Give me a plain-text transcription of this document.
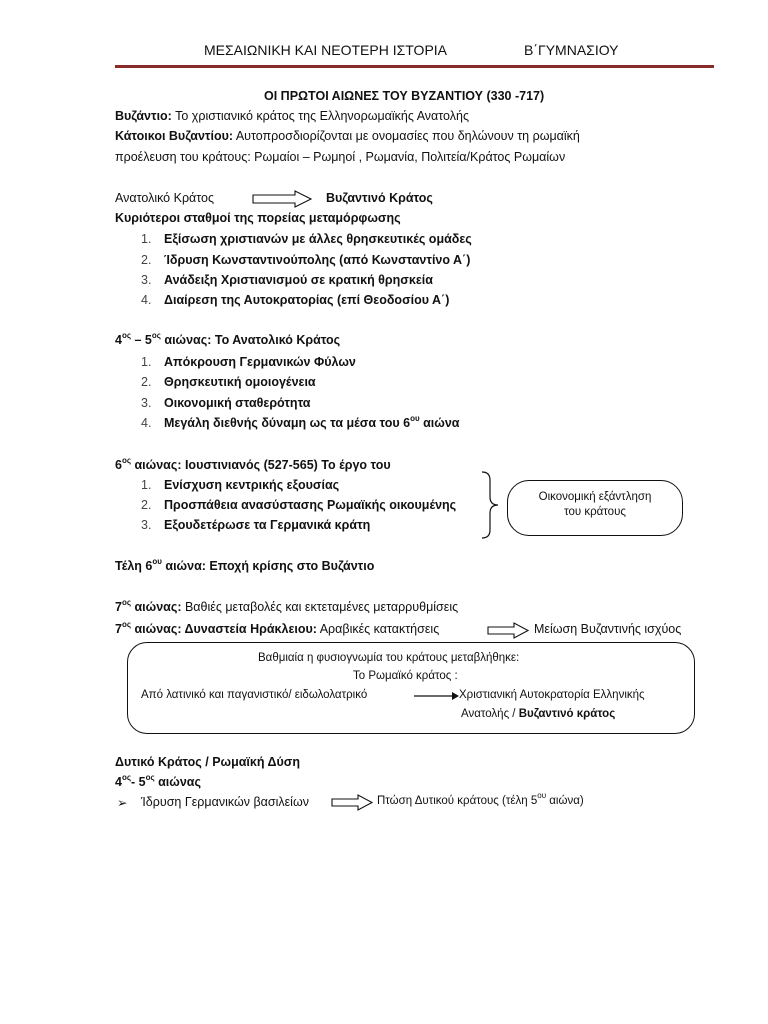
ΜΕΣΑΙΩΝΙΚΗ ΚΑΙ ΝΕΟΤΕΡΗ ΙΣΤΟΡΙΑ	Β΄ΓΥΜΝΑΣΙΟΥ
ΟΙ ΠΡΩΤΟΙ ΑΙΩΝΕΣ ΤΟΥ ΒΥΖΑΝΤΙΟΥ (330 -717)
Βυζάντιο: Το χριστιανικό κράτος της Ελληνορωμαϊκής Ανατολής
Κάτοικοι Βυζαντίου: Αυτοπροσδιορίζονται με ονομασίες που δηλώνουν τη ρωμαϊκή
προέλευση του κράτους: Ρωμαίοι – Ρωμηοί , Ρωμανία, Πολιτεία/Κράτος Ρωμαίων
Ανατολικό Κράτος	Βυζαντινό Κράτος
Κυριότεροι σταθμοί της πορείας μεταμόρφωσης
1. Εξίσωση χριστιανών με άλλες θρησκευτικές ομάδες
2. Ίδρυση Κωνσταντινούπολης (από Κωνσταντίνο Α΄)
3. Ανάδειξη Χριστιανισμού σε κρατική θρησκεία
4. Διαίρεση της Αυτοκρατορίας (επί Θεοδοσίου Α΄)
$4^{o\varsigma} - 5^{o\varsigma}$ αιώνας: Το Ανατολικό Κράτος
1. Απόκρουση Γερμανικών Φύλων
2. Θρησκευτική ομοιογένεια
3. Οικονομική σταθερότητα
4. Μεγάλη διεθνής δύναμη ως τα μέσα του $6^{o\upsilon}$ αιώνα
$6^{o\varsigma}$ αιώνας: Ιουστινιανός (527-565) Το έργο του
1. Ενίσχυση κεντρικής εξουσίας
2. Προσπάθεια ανασύστασης Ρωμαϊκής οικουμένης
3. Εξουδετέρωσε τα Γερμανικά κράτη
Οικονομική εξάντληση
του κράτους
Τέλη $6^{o\upsilon}$ αιώνα: Εποχή κρίσης στο Βυζάντιο
$7^{o\varsigma}$ αιώνας: Βαθιές μεταβολές και εκτεταμένες μεταρρυθμίσεις
$7^{o\varsigma}$ αιώνας: Δυναστεία Ηράκλειου: Αραβικές κατακτήσεις	Μείωση Βυζαντινής ισχύος
Βαθμιαία η φυσιογνωμία του κράτους μεταβλήθηκε:
Το Ρωμαϊκό κράτος :
Από λατινικό και παγανιστικό/ ειδωλολατρικό	Χριστιανική Αυτοκρατορία Ελληνικής
Ανατολής / Βυζαντινό κράτος
Δυτικό Κράτος / Ρωμαϊκή Δύση
$4^{o\varsigma}-$ $5^{o\varsigma}$ αιώνας
➢ Ίδρυση Γερμανικών βασιλείων	Πτώση Δυτικού κράτους (τέλη $5^{o\upsilon}$ αιώνα)
